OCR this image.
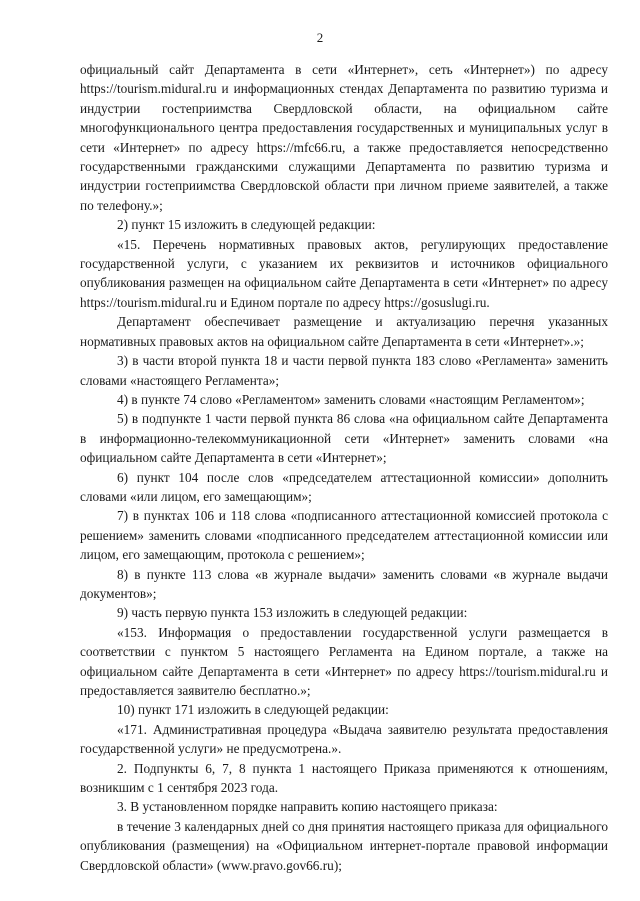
2

официальный сайт Департамента в сети «Интернет», сеть «Интернет») по адресу https://tourism.midural.ru и информационных стендах Департамента по развитию туризма и индустрии гостеприимства Свердловской области, на официальном сайте многофункционального центра предоставления государственных и муниципальных услуг в сети «Интернет» по адресу https://mfc66.ru, а также предоставляется непосредственно государственными гражданскими служащими Департамента по развитию туризма и индустрии гостеприимства Свердловской области при личном приеме заявителей, а также по телефону.»;

2) пункт 15 изложить в следующей редакции:

«15. Перечень нормативных правовых актов, регулирующих предоставление государственной услуги, с указанием их реквизитов и источников официального опубликования размещен на официальном сайте Департамента в сети «Интернет» по адресу https://tourism.midural.ru и Едином портале по адресу https://gosuslugi.ru.

Департамент обеспечивает размещение и актуализацию перечня указанных нормативных правовых актов на официальном сайте Департамента в сети «Интернет».»;

3) в части второй пункта 18 и части первой пункта 183 слово «Регламента» заменить словами «настоящего Регламента»;

4) в пункте 74 слово «Регламентом» заменить словами «настоящим Регламентом»;

5) в подпункте 1 части первой пункта 86 слова «на официальном сайте Департамента в информационно-телекоммуникационной сети «Интернет» заменить словами «на официальном сайте Департамента в сети «Интернет»;

6) пункт 104 после слов «председателем аттестационной комиссии» дополнить словами «или лицом, его замещающим»;

7) в пунктах 106 и 118 слова «подписанного аттестационной комиссией протокола с решением» заменить словами «подписанного председателем аттестационной комиссии или лицом, его замещающим, протокола с решением»;

8) в пункте 113 слова «в журнале выдачи» заменить словами «в журнале выдачи документов»;

9) часть первую пункта 153 изложить в следующей редакции:

«153. Информация о предоставлении государственной услуги размещается в соответствии с пунктом 5 настоящего Регламента на Едином портале, а также на официальном сайте Департамента в сети «Интернет» по адресу https://tourism.midural.ru и предоставляется заявителю бесплатно.»;

10) пункт 171 изложить в следующей редакции:

«171. Административная процедура «Выдача заявителю результата предоставления государственной услуги» не предусмотрена.».

2. Подпункты 6, 7, 8 пункта 1 настоящего Приказа применяются к отношениям, возникшим с 1 сентября 2023 года.

3. В установленном порядке направить копию настоящего приказа:

в течение 3 календарных дней со дня принятия настоящего приказа для официального опубликования (размещения) на «Официальном интернет-портале правовой информации Свердловской области» (www.pravo.gov66.ru);
